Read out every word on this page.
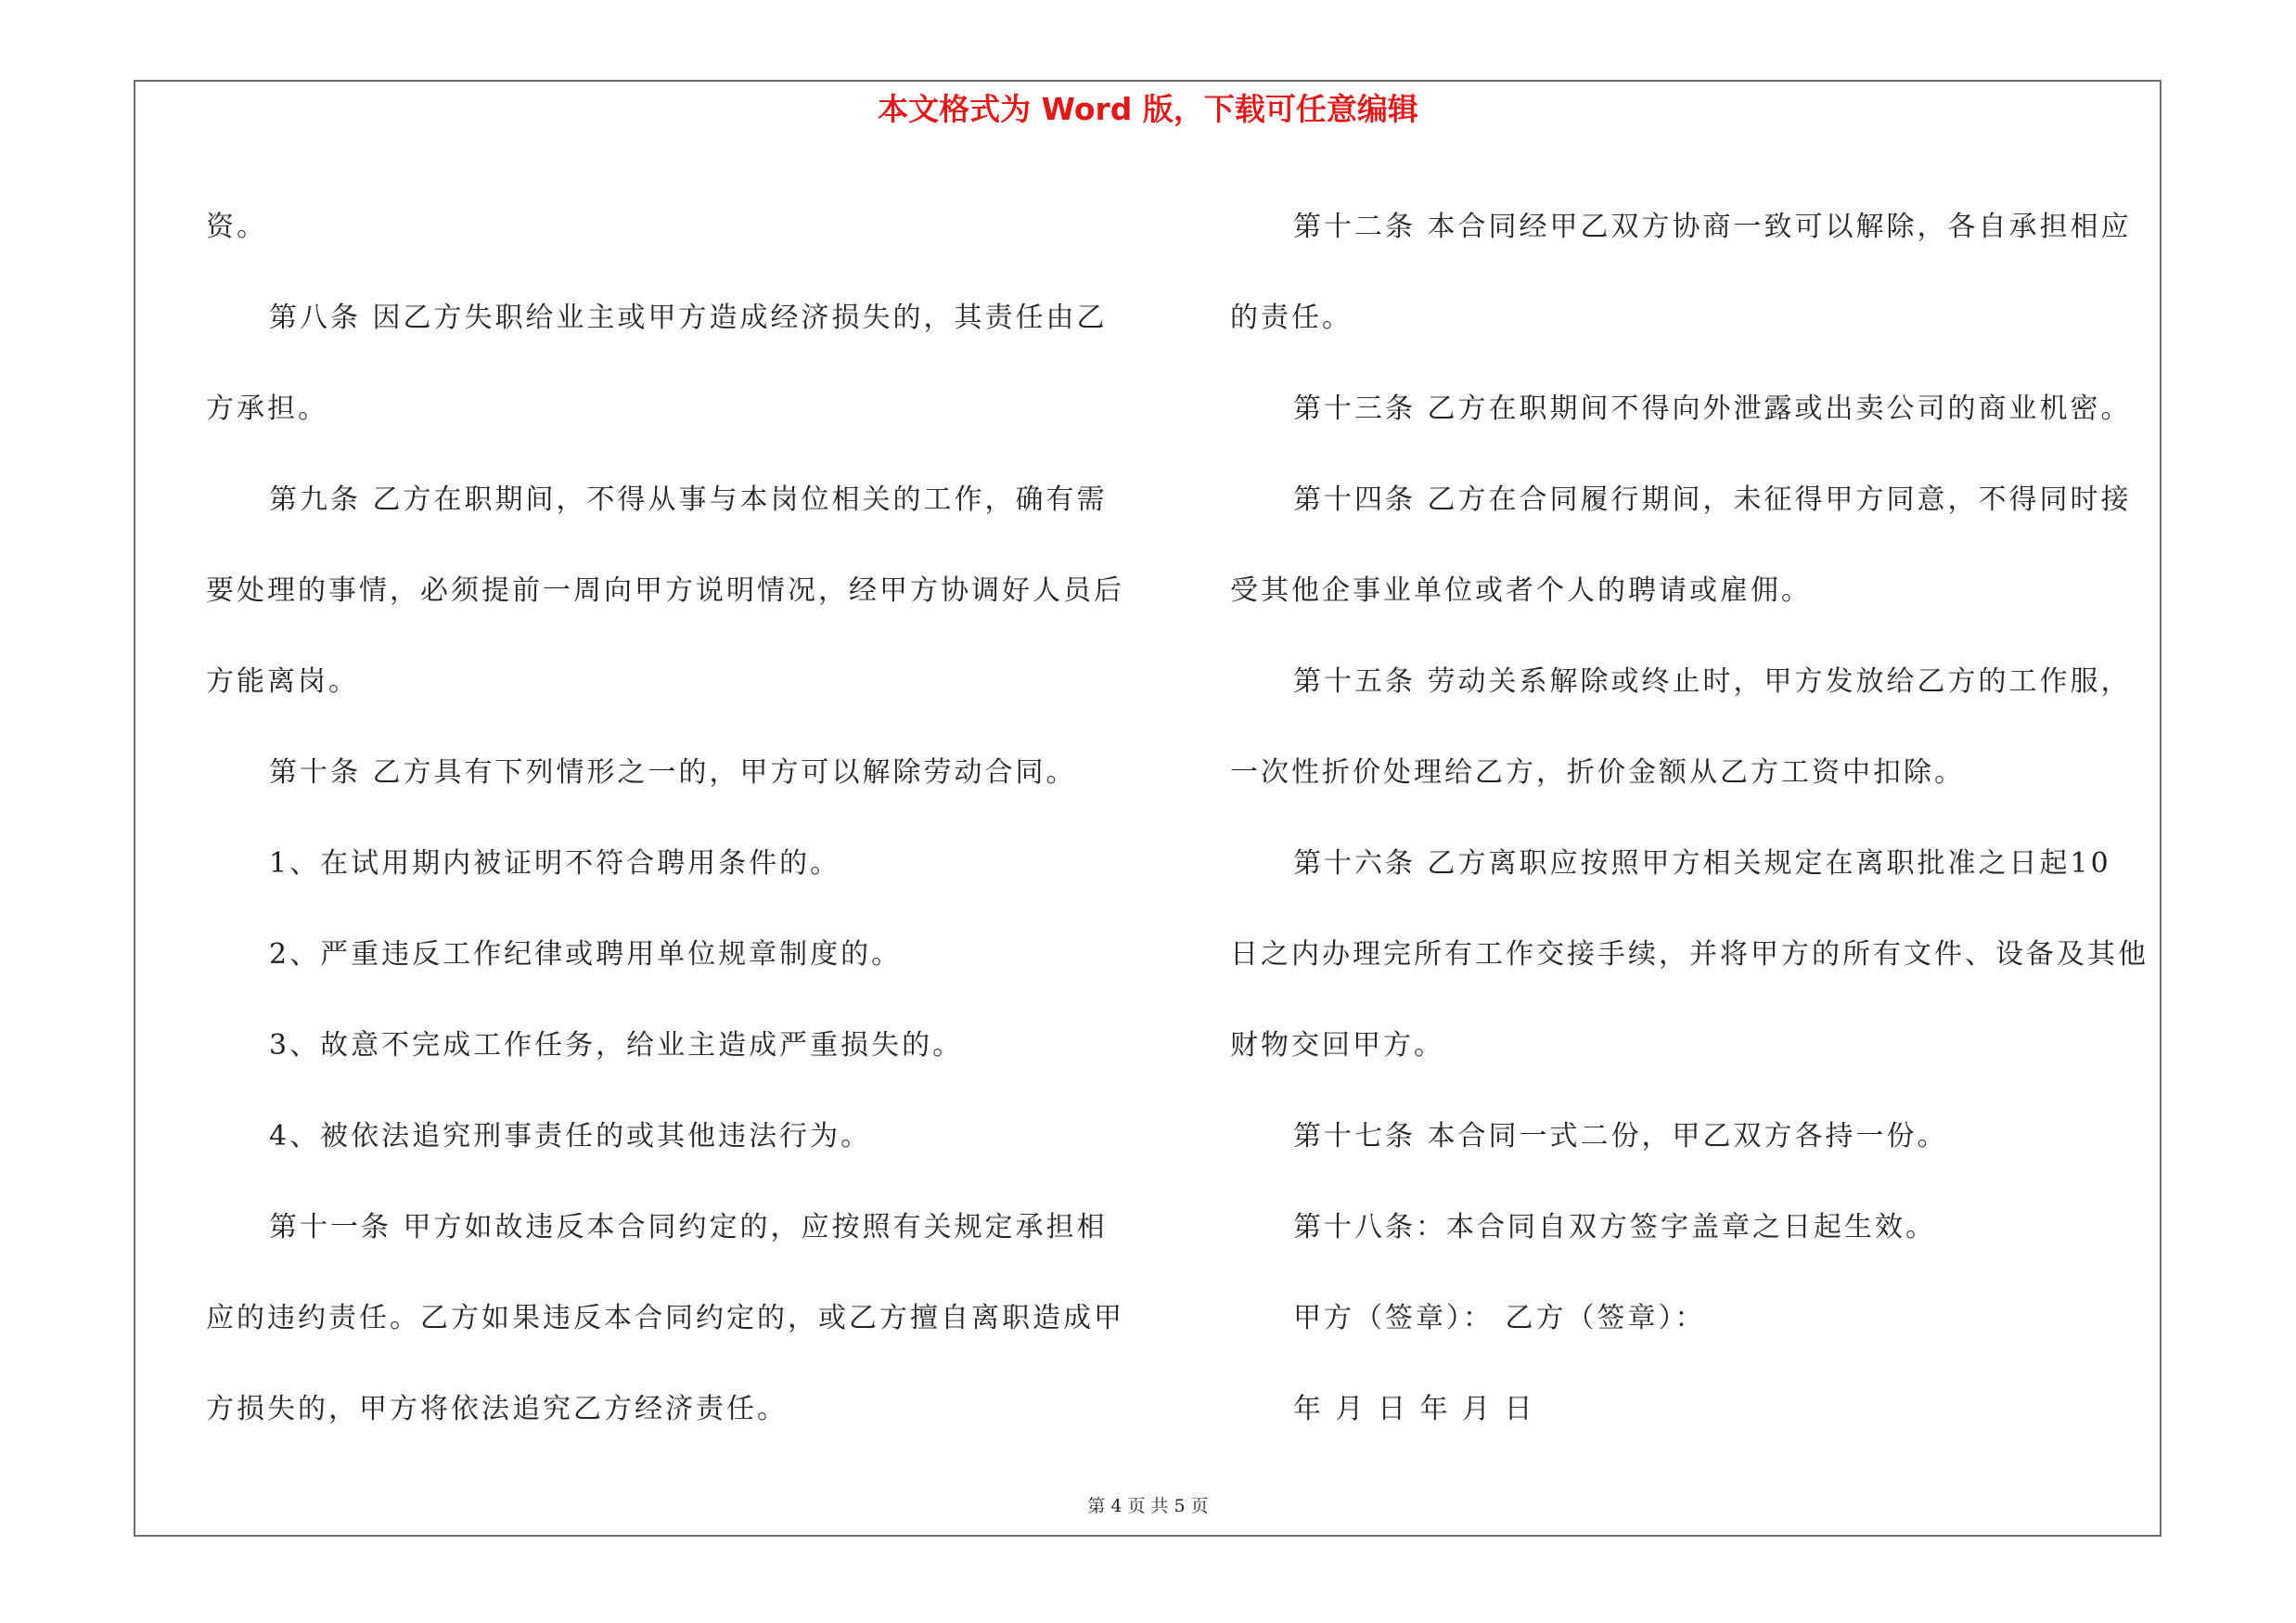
本文格式为 Word 版，下载可任意编辑

资。

第八条 因乙方失职给业主或甲方造成经济损失的，其责任由乙

方承担。

第九条 乙方在职期间，不得从事与本岗位相关的工作，确有需

要处理的事情，必须提前一周向甲方说明情况，经甲方协调好人员后

方能离岗。

第十条 乙方具有下列情形之一的，甲方可以解除劳动合同。

1、在试用期内被证明不符合聘用条件的。

2、严重违反工作纪律或聘用单位规章制度的。

3、故意不完成工作任务，给业主造成严重损失的。

4、被依法追究刑事责任的或其他违法行为。

第十一条 甲方如故违反本合同约定的，应按照有关规定承担相

应的违约责任。乙方如果违反本合同约定的，或乙方擅自离职造成甲

方损失的，甲方将依法追究乙方经济责任。

第十二条 本合同经甲乙双方协商一致可以解除，各自承担相应

的责任。

第十三条 乙方在职期间不得向外泄露或出卖公司的商业机密。

第十四条 乙方在合同履行期间，未征得甲方同意，不得同时接

受其他企事业单位或者个人的聘请或雇佣。

第十五条 劳动关系解除或终止时，甲方发放给乙方的工作服，

一次性折价处理给乙方，折价金额从乙方工资中扣除。

第十六条 乙方离职应按照甲方相关规定在离职批准之日起10

日之内办理完所有工作交接手续，并将甲方的所有文件、设备及其他

财物交回甲方。

第十七条 本合同一式二份，甲乙双方各持一份。

第十八条：本合同自双方签字盖章之日起生效。

甲方（签章）： 乙方（签章）：

年 月 日 年 月 日

第 4 页 共 5 页
